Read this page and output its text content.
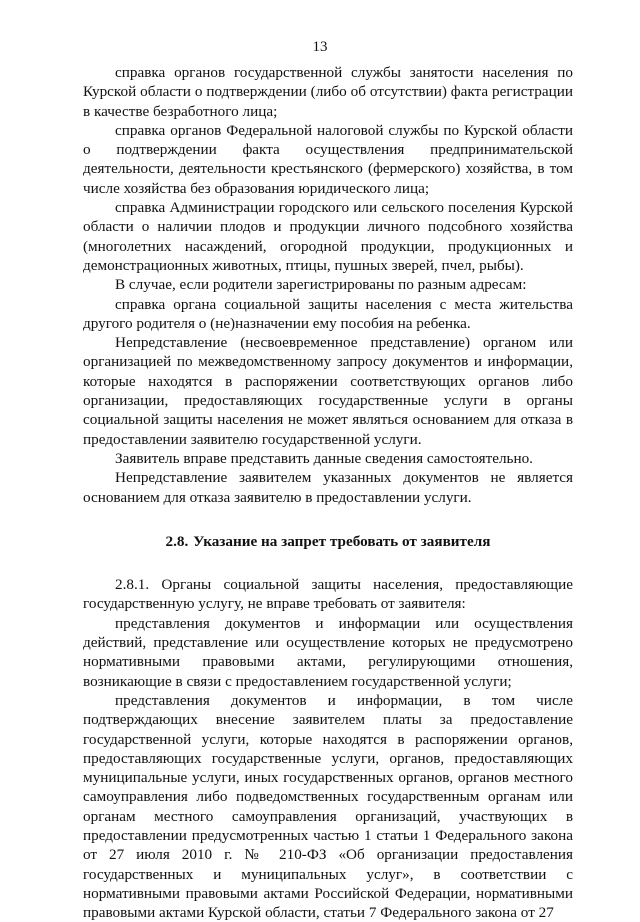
13

справка органов государственной службы занятости населения по Курской области о подтверждении (либо об отсутствии) факта регистрации в качестве безработного лица;

справка органов Федеральной налоговой службы по Курской области о подтверждении факта осуществления предпринимательской деятельности, деятельности крестьянского (фермерского) хозяйства, в том числе хозяйства без образования юридического лица;

справка Администрации городского или сельского поселения Курской области о наличии плодов и продукции личного подсобного хозяйства (многолетних насаждений, огородной продукции, продукционных и демонстрационных животных, птицы, пушных зверей, пчел, рыбы).

В случае, если родители зарегистрированы по разным адресам:

справка органа социальной защиты населения с места жительства другого родителя о (не)назначении ему пособия на ребенка.

Непредставление (несвоевременное представление) органом или организацией по межведомственному запросу документов и информации, которые находятся в распоряжении соответствующих органов либо организации, предоставляющих государственные услуги в органы социальной защиты населения не может являться основанием для отказа в предоставлении заявителю государственной услуги.

Заявитель вправе представить данные сведения самостоятельно.

Непредставление заявителем указанных документов не является основанием для отказа заявителю в предоставлении услуги.

2.8. Указание на запрет требовать от заявителя

2.8.1. Органы социальной защиты населения, предоставляющие государственную услугу, не вправе требовать от заявителя:

представления документов и информации или осуществления действий, представление или осуществление которых не предусмотрено нормативными правовыми актами, регулирующими отношения, возникающие в связи с предоставлением государственной услуги;

представления документов и информации, в том числе подтверждающих внесение заявителем платы за предоставление государственной услуги, которые находятся в распоряжении органов, предоставляющих государственные услуги, органов, предоставляющих муниципальные услуги, иных государственных органов, органов местного самоуправления либо подведомственных государственным органам или органам местного самоуправления организаций, участвующих в предоставлении предусмотренных частью 1 статьи 1 Федерального закона от 27 июля 2010 г. № 210-ФЗ «Об организации предоставления государственных и муниципальных услуг», в соответствии с нормативными правовыми актами Российской Федерации, нормативными правовыми актами Курской области, статьи 7 Федерального закона от 27
